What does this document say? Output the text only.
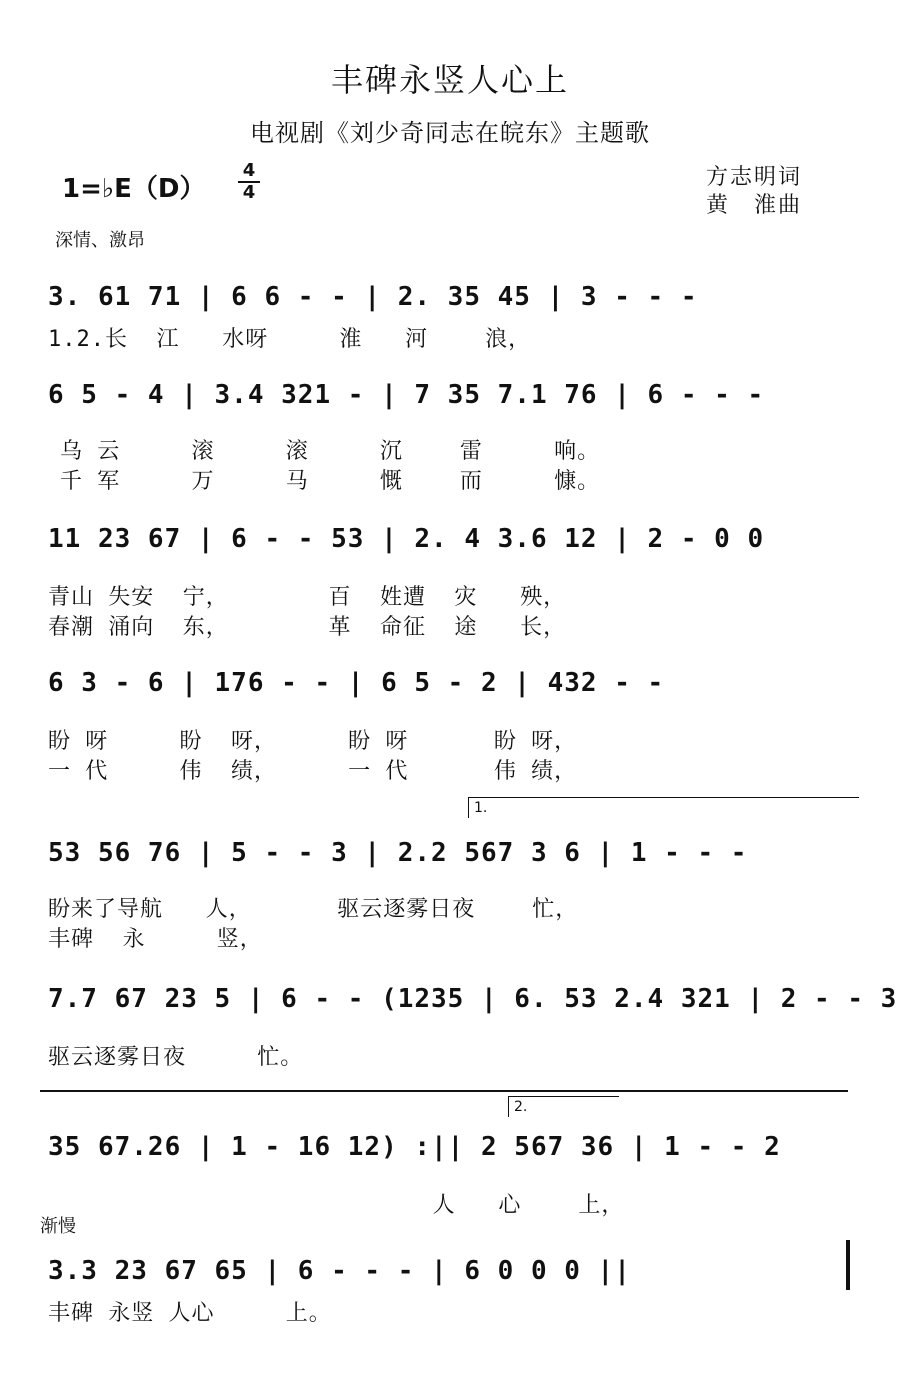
丰碑永竖人心上
电视剧《刘少奇同志在皖东》主题歌
1=♭E（D）
4
4
方志明词
黄　淮曲
深情、激昂
3. 61 71 | 6 6 - - | 2. 35 45 | 3 - - -
1.2.长  江   水呀     淮   河    浪，
6 5 - 4 | 3.4 321 - | 7 35 7.1 76 | 6 - - -
乌 云     滚     滚     沉    雷     响。
千 军     万     马     慨    而     慷。
11 23 67 | 6 - - 53 | 2. 4 3.6 12 | 2 - 0 0
青山 失安  宁，       百  姓遭  灾   殃，
春潮 涌向  东，       革  命征  途   长，
6 3 - 6 | 176 - - | 6 5 - 2 | 432 - -
盼 呀     盼  呀，     盼 呀      盼 呀，
一 代     伟  绩，     一 代      伟 绩，
1.
53 56 76 | 5 - - 3 | 2.2 567 3 6 | 1 - - -
盼来了导航   人，      驱云逐雾日夜    忙，
丰碑  永     竖，
7.7 67 23 5 | 6 - - (1235 | 6. 53 2.4 321 | 2 - - 3
驱云逐雾日夜     忙。
2.
35 67.26 | 1 - 16 12) :|| 2 567 36 | 1 - - 2
人   心    上，
渐慢
3.3 23 67 65 | 6 - - - | 6 0 0 0 ||
丰碑 永竖 人心     上。
